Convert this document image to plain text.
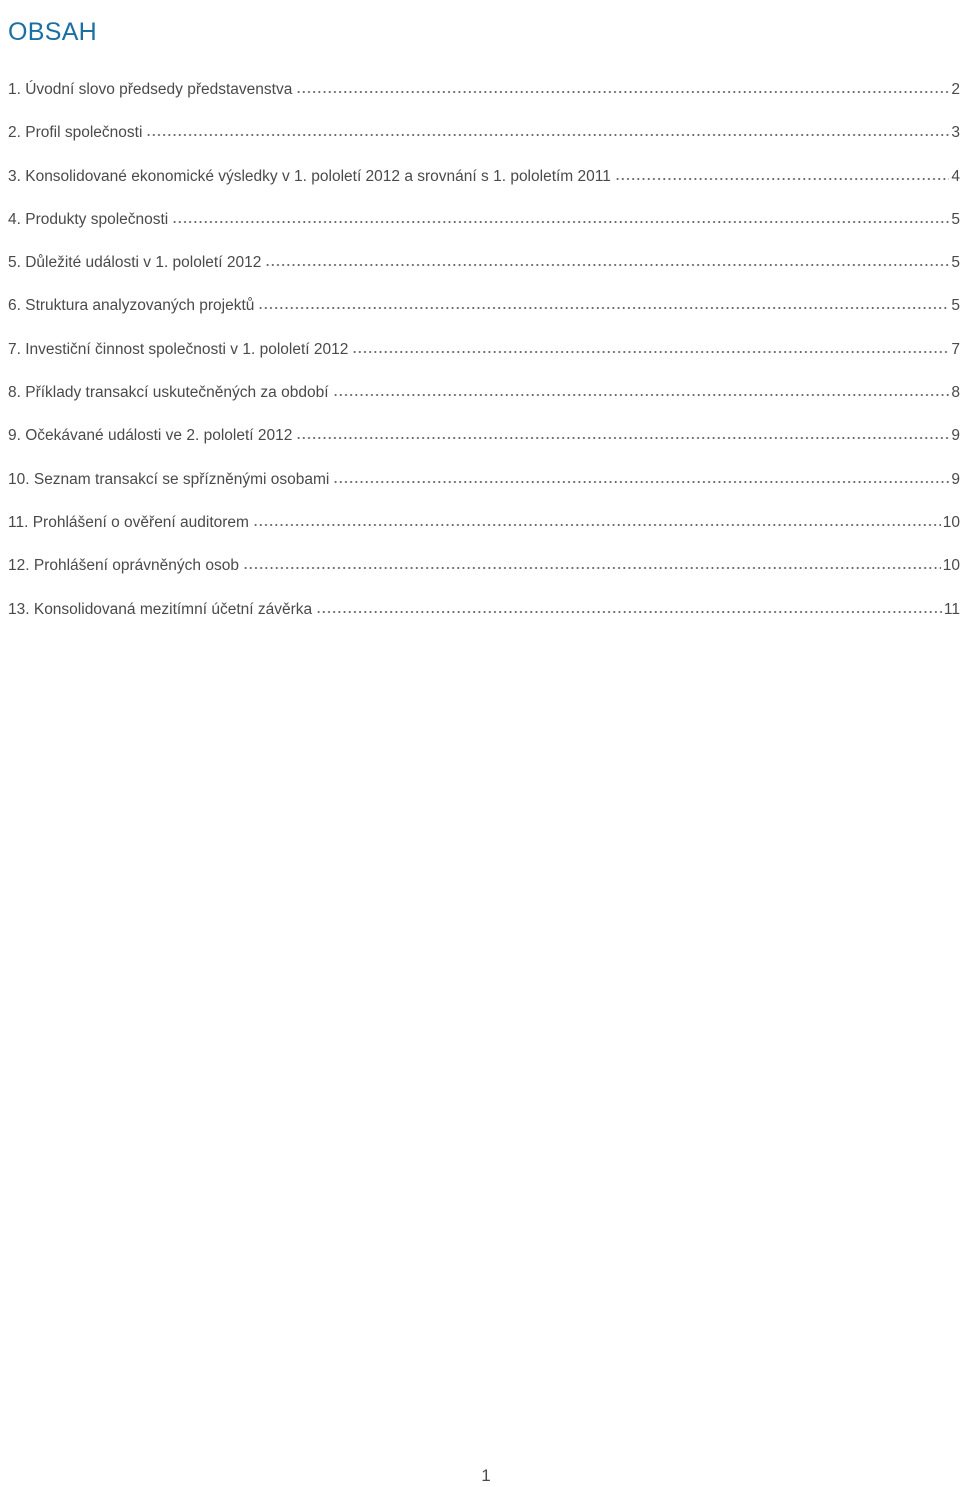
OBSAH
1. Úvodní slovo předsedy představenstva	2
2. Profil společnosti	3
3. Konsolidované ekonomické výsledky v 1. pololetí 2012 a srovnání s 1. pololetím 2011	4
4. Produkty společnosti	5
5. Důležité události v 1. pololetí 2012	5
6. Struktura analyzovaných projektů	5
7. Investiční činnost společnosti v 1. pololetí 2012	7
8. Příklady transakcí uskutečněných za období	8
9. Očekávané události ve 2. pololetí 2012	9
10. Seznam transakcí se spřízněnými osobami	9
11. Prohlášení o ověření auditorem	10
12. Prohlášení oprávněných osob	10
13. Konsolidovaná mezitímní účetní závěrka	11
1
